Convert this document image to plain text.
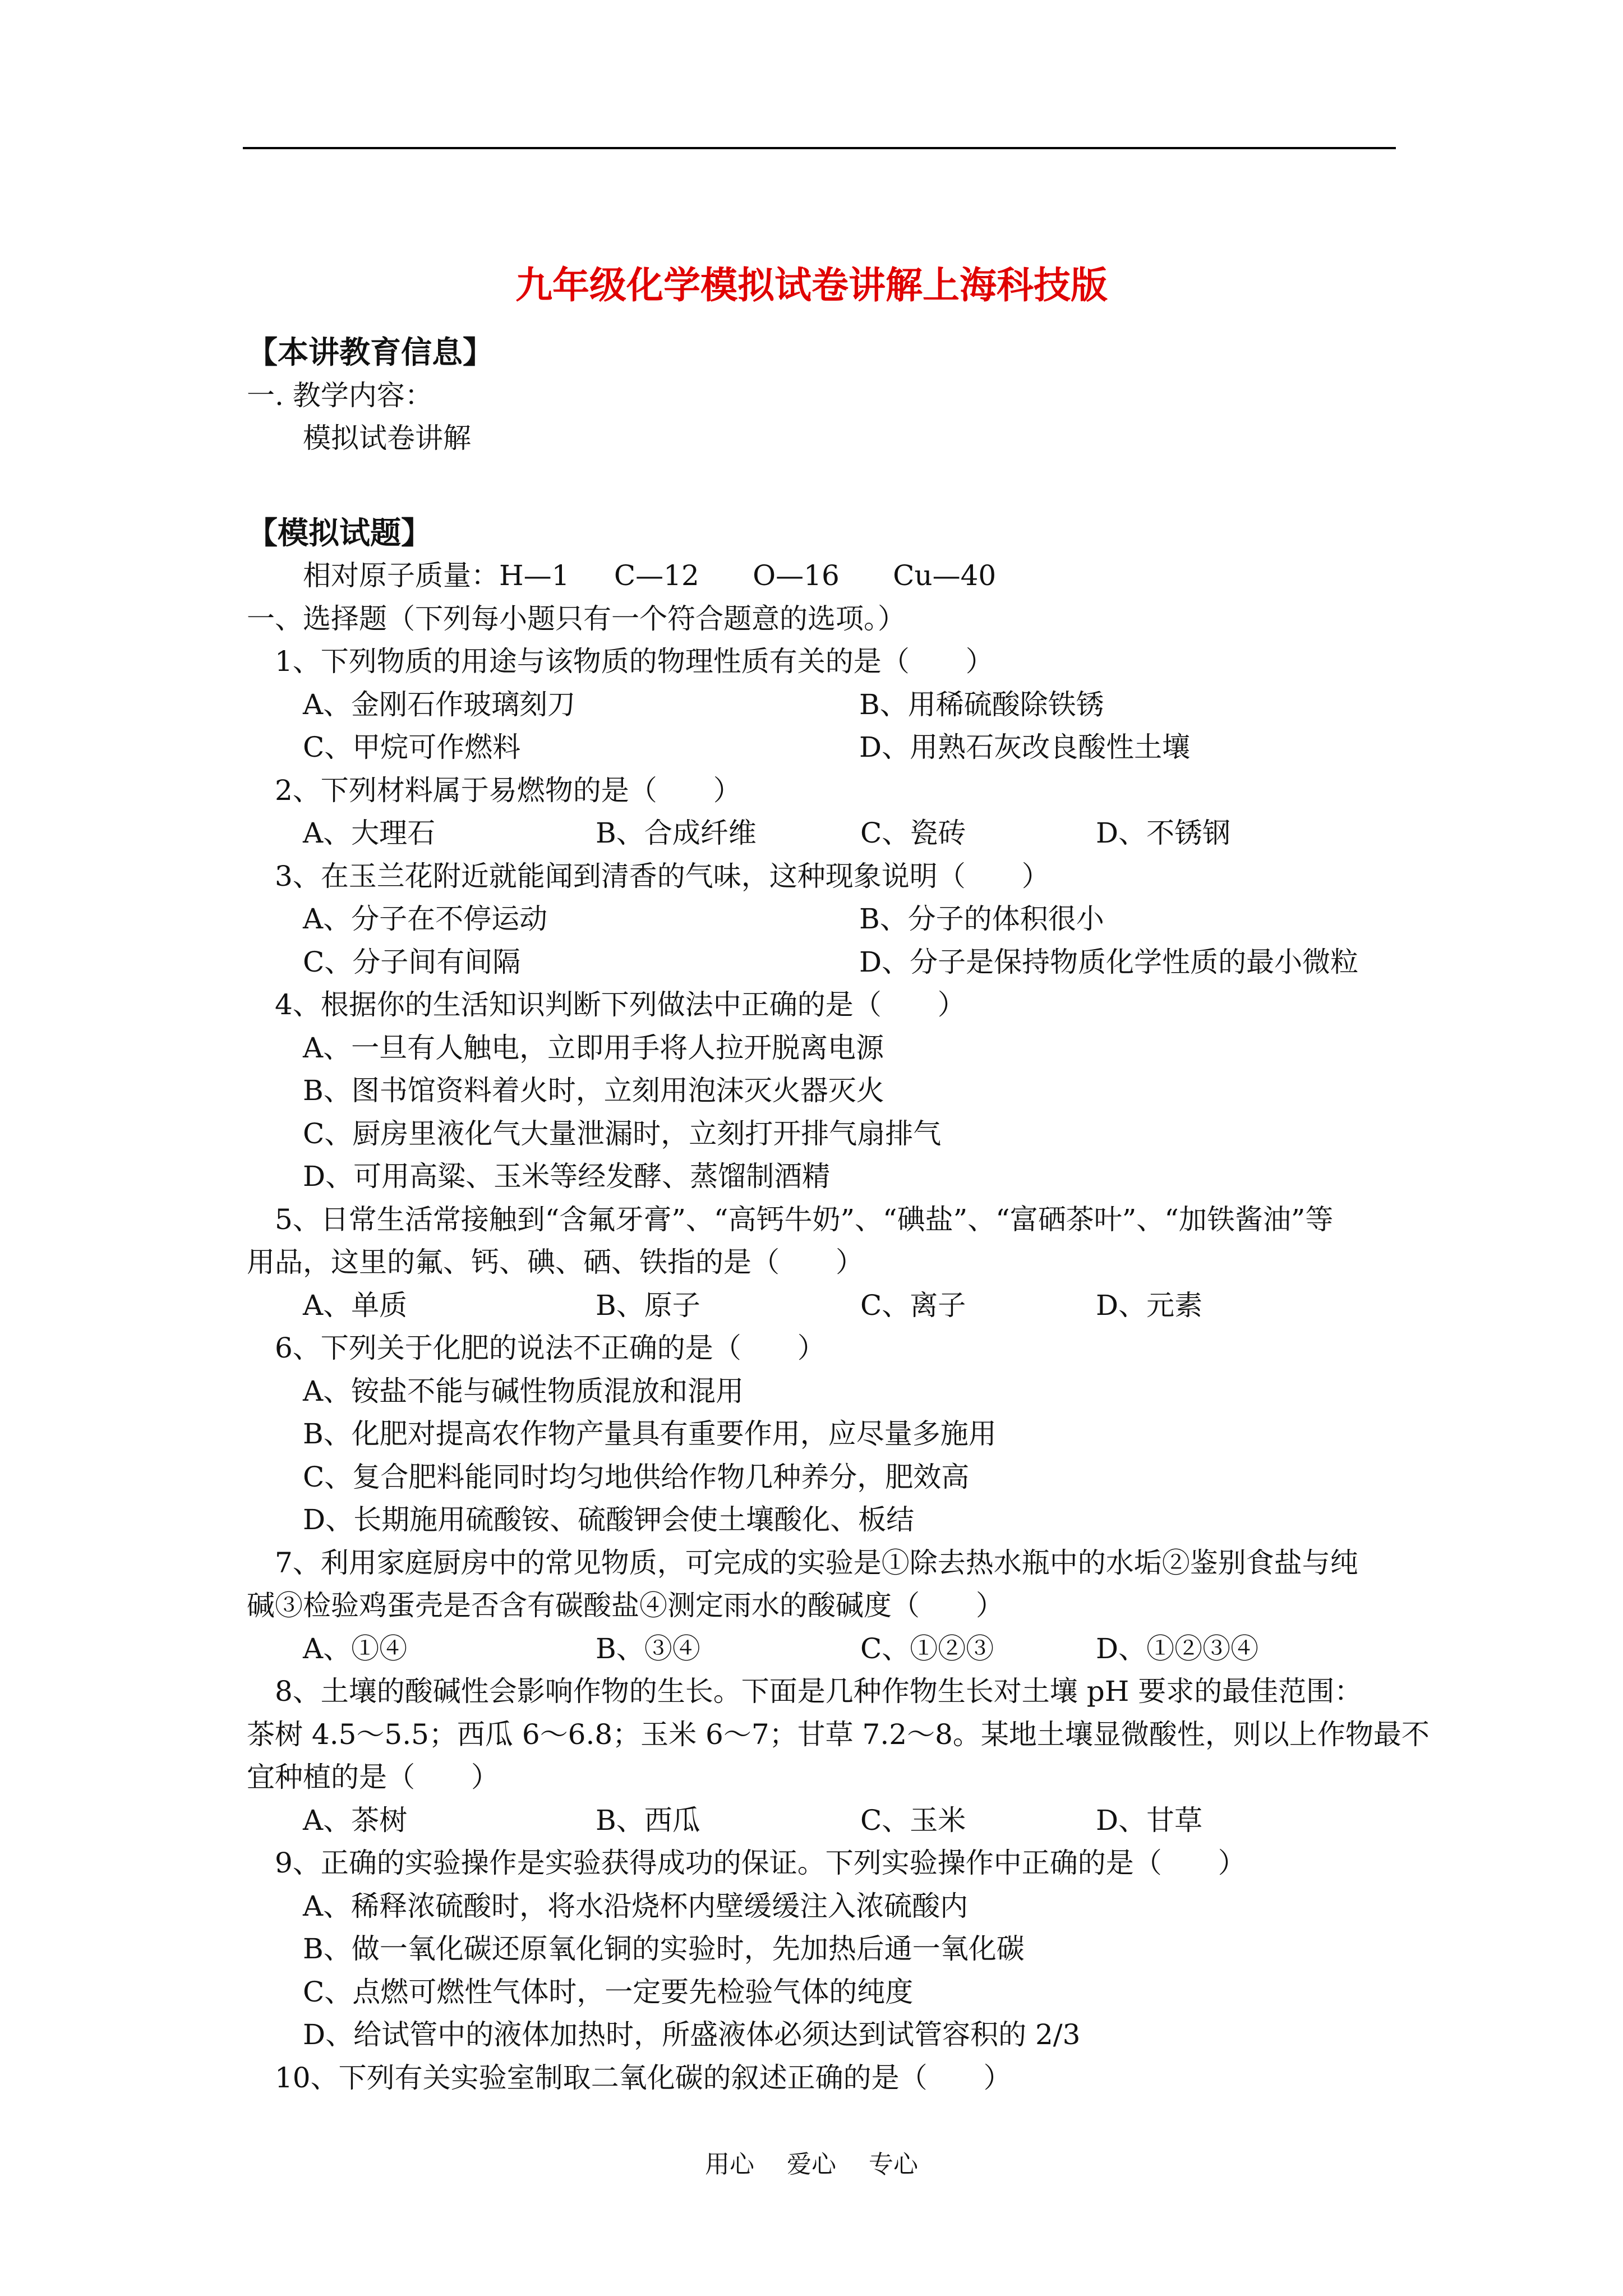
九年级化学模拟试卷讲解上海科技版
【本讲教育信息】
一. 教学内容：
模拟试卷讲解
【模拟试题】
相对原子质量：H—1 C—12 O—16 Cu—40
一、选择题（下列每小题只有一个符合题意的选项。）
1、下列物质的用途与该物质的物理性质有关的是（　　）
A、金刚石作玻璃刻刀	B、用稀硫酸除铁锈
C、甲烷可作燃料	D、用熟石灰改良酸性土壤
2、下列材料属于易燃物的是（　　）
A、大理石	B、合成纤维	C、瓷砖	D、不锈钢
3、在玉兰花附近就能闻到清香的气味，这种现象说明（　　）
A、分子在不停运动	B、分子的体积很小
C、分子间有间隔	D、分子是保持物质化学性质的最小微粒
4、根据你的生活知识判断下列做法中正确的是（　　）
A、一旦有人触电，立即用手将人拉开脱离电源
B、图书馆资料着火时，立刻用泡沫灭火器灭火
C、厨房里液化气大量泄漏时，立刻打开排气扇排气
D、可用高粱、玉米等经发酵、蒸馏制酒精
5、日常生活常接触到“含氟牙膏”、“高钙牛奶”、“碘盐”、“富硒茶叶”、“加铁酱油”等
用品，这里的氟、钙、碘、硒、铁指的是（　　）
A、单质	B、原子	C、离子	D、元素
6、下列关于化肥的说法不正确的是（　　）
A、铵盐不能与碱性物质混放和混用
B、化肥对提高农作物产量具有重要作用，应尽量多施用
C、复合肥料能同时均匀地供给作物几种养分，肥效高
D、长期施用硫酸铵、硫酸钾会使土壤酸化、板结
7、利用家庭厨房中的常见物质，可完成的实验是①除去热水瓶中的水垢②鉴别食盐与纯
碱③检验鸡蛋壳是否含有碳酸盐④测定雨水的酸碱度（　　）
A、①④	B、③④	C、①②③	D、①②③④
8、土壤的酸碱性会影响作物的生长。下面是几种作物生长对土壤 pH 要求的最佳范围：
茶树 4.5～5.5；西瓜 6～6.8；玉米 6～7；甘草 7.2～8。某地土壤显微酸性，则以上作物最不
宜种植的是（　　）
A、茶树	B、西瓜	C、玉米	D、甘草
9、正确的实验操作是实验获得成功的保证。下列实验操作中正确的是（　　）
A、稀释浓硫酸时，将水沿烧杯内壁缓缓注入浓硫酸内
B、做一氧化碳还原氧化铜的实验时，先加热后通一氧化碳
C、点燃可燃性气体时，一定要先检验气体的纯度
D、给试管中的液体加热时，所盛液体必须达到试管容积的 2/3
10、下列有关实验室制取二氧化碳的叙述正确的是（　　）
用心 爱心 专心
